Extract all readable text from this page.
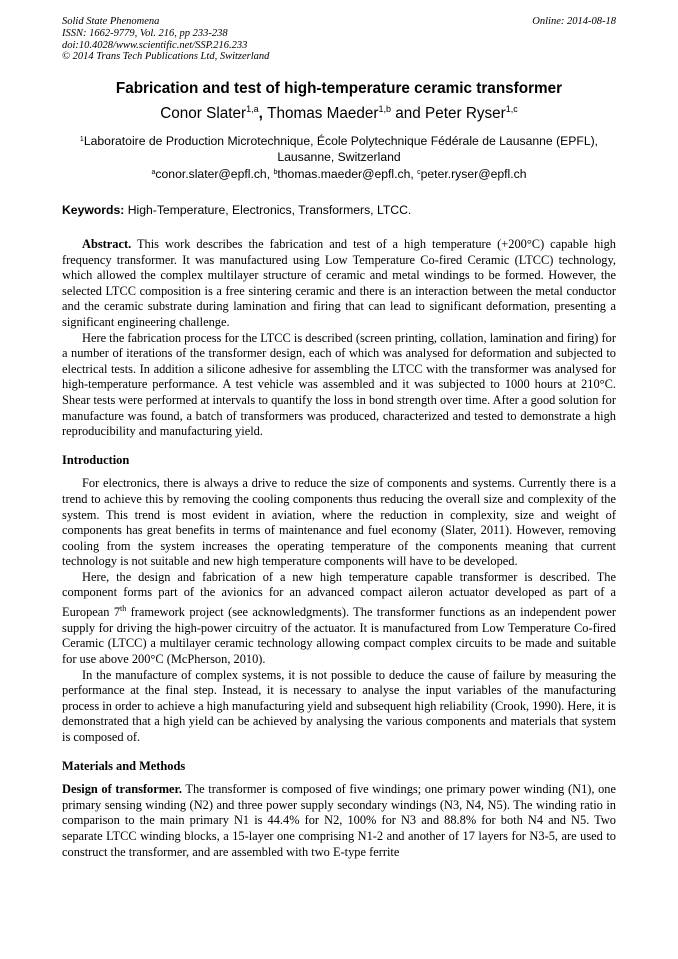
Solid State Phenomena
ISSN: 1662-9779, Vol. 216, pp 233-238
doi:10.4028/www.scientific.net/SSP.216.233
© 2014 Trans Tech Publications Ltd, Switzerland
Online: 2014-08-18
Fabrication and test of high-temperature ceramic transformer
Conor Slater$^{1,a}$, Thomas Maeder$^{1,b}$ and Peter Ryser$^{1,c}$
$^1$Laboratoire de Production Microtechnique, École Polytechnique Fédérale de Lausanne (EPFL), Lausanne, Switzerland
$^a$conor.slater@epfl.ch, $^b$thomas.maeder@epfl.ch, $^c$peter.ryser@epfl.ch
Keywords: High-Temperature, Electronics, Transformers, LTCC.

Abstract. This work describes the fabrication and test of a high temperature (+200°C) capable high frequency transformer. It was manufactured using Low Temperature Co-fired Ceramic (LTCC) technology, which allowed the complex multilayer structure of ceramic and metal windings to be formed. However, the selected LTCC composition is a free sintering ceramic and there is an interaction between the metal conductor and the ceramic substrate during lamination and firing that can lead to significant deformation, presenting a significant engineering challenge.

Here the fabrication process for the LTCC is described (screen printing, collation, lamination and firing) for a number of iterations of the transformer design, each of which was analysed for deformation and subjected to electrical tests. In addition a silicone adhesive for assembling the LTCC with the transformer was analysed for high-temperature performance. A test vehicle was assembled and it was subjected to 1000 hours at 210°C. Shear tests were performed at intervals to quantify the loss in bond strength over time. After a good solution for manufacture was found, a batch of transformers was produced, characterized and tested to demonstrate a high reproducibility and manufacturing yield.

Introduction

For electronics, there is always a drive to reduce the size of components and systems. Currently there is a trend to achieve this by removing the cooling components thus reducing the overall size and complexity of the system. This trend is most evident in aviation, where the reduction in complexity, size and weight of components has great benefits in terms of maintenance and fuel economy (Slater, 2011). However, removing cooling from the system increases the operating temperature of the components meaning that current technology is not suitable and new high temperature components will have to be developed.

Here, the design and fabrication of a new high temperature capable transformer is described. The component forms part of the avionics for an advanced compact aileron actuator developed as part of a European 7th framework project (see acknowledgments). The transformer functions as an independent power supply for driving the high-power circuitry of the actuator. It is manufactured from Low Temperature Co-fired Ceramic (LTCC) a multilayer ceramic technology allowing compact complex circuits to be made and suitable for use above 200°C (McPherson, 2010).

In the manufacture of complex systems, it is not possible to deduce the cause of failure by measuring the performance at the final step. Instead, it is necessary to analyse the input variables of the manufacturing process in order to achieve a high manufacturing yield and subsequent high reliability (Crook, 1990). Here, it is demonstrated that a high yield can be achieved by analysing the various components and materials that system is composed of.

Materials and Methods

Design of transformer. The transformer is composed of five windings; one primary power winding (N1), one primary sensing winding (N2) and three power supply secondary windings (N3, N4, N5). The winding ratio in comparison to the main primary N1 is 44.4% for N2, 100% for N3 and 88.8% for both N4 and N5. Two separate LTCC winding blocks, a 15-layer one comprising N1-2 and another of 17 layers for N3-5, are used to construct the transformer, and are assembled with two E-type ferrite
